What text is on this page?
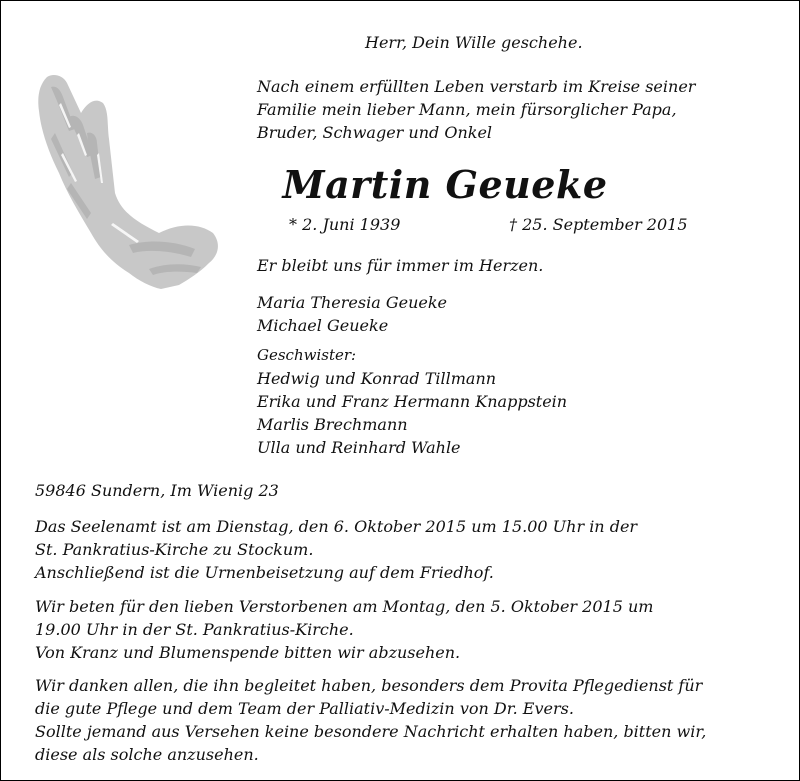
Herr, Dein Wille geschehe.

Nach einem erfüllten Leben verstarb im Kreise seiner
Familie mein lieber Mann, mein fürsorglicher Papa,
Bruder, Schwager und Onkel
Martin Geueke

* 2. Juni 1939	† 25. September 2015

Er bleibt uns für immer im Herzen.

Maria Theresia Geueke
Michael Geueke
Geschwister:
Hedwig und Konrad Tillmann
Erika und Franz Hermann Knappstein
Marlis Brechmann
Ulla und Reinhard Wahle

59846 Sundern, Im Wienig 23

Das Seelenamt ist am Dienstag, den 6. Oktober 2015 um 15.00 Uhr in der
St. Pankratius-Kirche zu Stockum.
Anschließend ist die Urnenbeisetzung auf dem Friedhof.
Wir beten für den lieben Verstorbenen am Montag, den 5. Oktober 2015 um
19.00 Uhr in der St. Pankratius-Kirche.
Von Kranz und Blumenspende bitten wir abzusehen.
Wir danken allen, die ihn begleitet haben, besonders dem Provita Pflegedienst für
die gute Pflege und dem Team der Palliativ-Medizin von Dr. Evers.
Sollte jemand aus Versehen keine besondere Nachricht erhalten haben, bitten wir,
diese als solche anzusehen.
